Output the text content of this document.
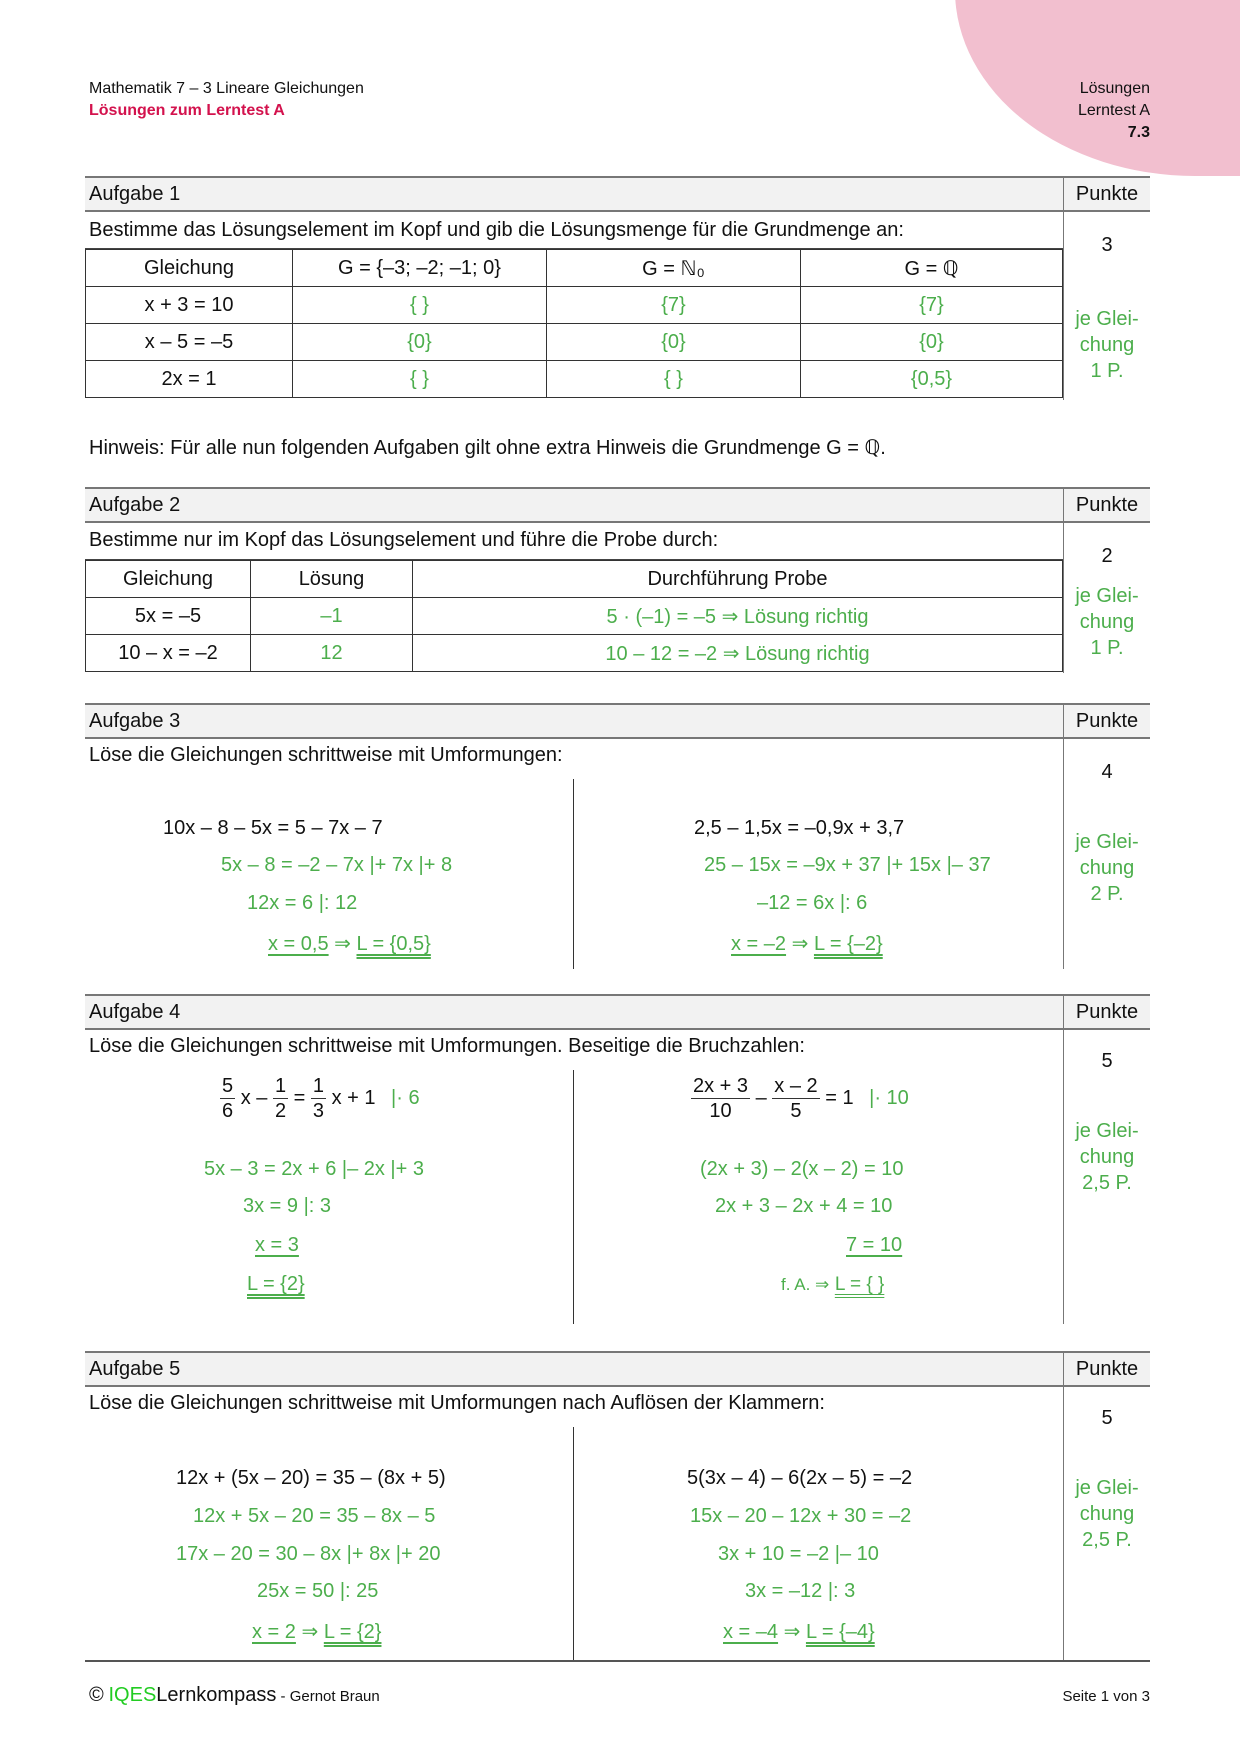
Mathematik 7 – 3 Lineare Gleichungen
Lösungen zum Lerntest A
Lösungen
Lerntest A
7.3
Aufgabe 1	Punkte
Bestimme das Lösungselement im Kopf und gib die Lösungsmenge für die Grundmenge an:
Gleichung	G = {–3; –2; –1; 0}	G = ℕ₀	G = ℚ
x + 3 = 10	{ }	{7}	{7}
x – 5 = –5	{0}	{0}	{0}
2x = 1	{ }	{ }	{0,5}
3
je Glei-
chung
1 P.
Hinweis: Für alle nun folgenden Aufgaben gilt ohne extra Hinweis die Grundmenge G = ℚ.
Aufgabe 2	Punkte
Bestimme nur im Kopf das Lösungselement und führe die Probe durch:
Gleichung	Lösung	Durchführung Probe
5x = –5	–1	5 · (–1) = –5 ⇒ Lösung richtig
10 – x = –2	12	10 – 12 = –2 ⇒ Lösung richtig
2
je Glei-
chung
1 P.
Aufgabe 3	Punkte
Löse die Gleichungen schrittweise mit Umformungen:
10x – 8 – 5x = 5 – 7x – 7
5x – 8 = –2 – 7x |+ 7x |+ 8
12x = 6 |: 12
x = 0,5 ⇒ L = {0,5}
2,5 – 1,5x = –0,9x + 3,7
25 – 15x = –9x + 37 |+ 15x |– 37
–12 = 6x |: 6
x = –2 ⇒ L = {–2}
4
je Glei-
chung
2 P.
Aufgabe 4	Punkte
Löse die Gleichungen schrittweise mit Umformungen. Beseitige die Bruchzahlen:
$\frac{5}{6}$ $x - \frac{1}{2} = \frac{1}{3}$ x + 1 |· 6
5x – 3 = 2x + 6 |– 2x |+ 3
3x = 9 |: 3
x = 3
L = {2}
$\frac{2x + 3}{10} - \frac{x - 2}{5} = 1$ |· 10
(2x + 3) – 2(x – 2) = 10
2x + 3 – 2x + 4 = 10
7 = 10
f. A. ⇒ L = { }
5
je Glei-
chung
2,5 P.
Aufgabe 5	Punkte
Löse die Gleichungen schrittweise mit Umformungen nach Auflösen der Klammern:
12x + (5x – 20) = 35 – (8x + 5)
12x + 5x – 20 = 35 – 8x – 5
17x – 20 = 30 – 8x |+ 8x |+ 20
25x = 50 |: 25
x = 2 ⇒ L = {2}
5(3x – 4) – 6(2x – 5) = –2
15x – 20 – 12x + 30 = –2
3x + 10 = –2 |– 10
3x = –12 |: 3
x = –4 ⇒ L = {–4}
5
je Glei-
chung
2,5 P.
© IQESLernkompass - Gernot Braun	Seite 1 von 3
